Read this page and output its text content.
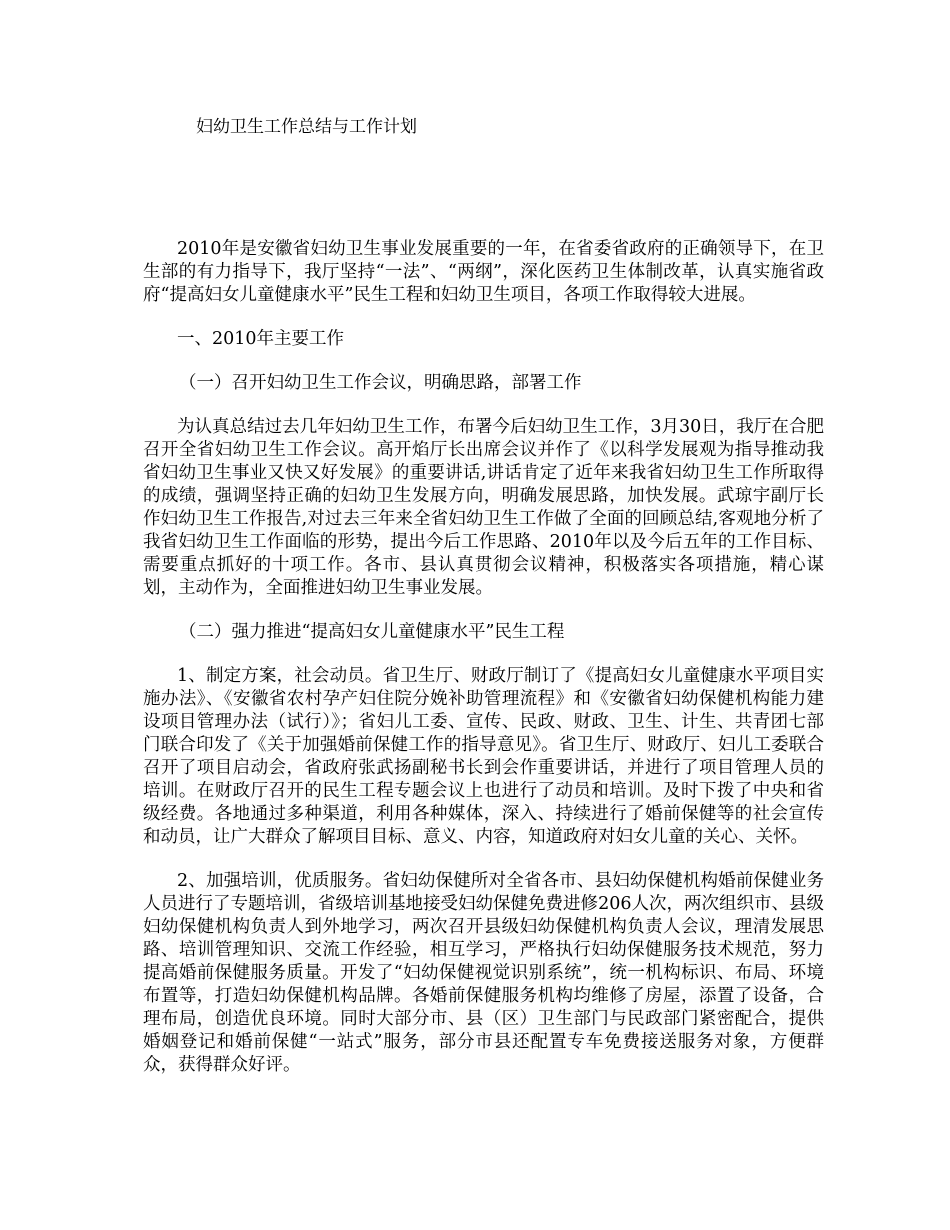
妇幼卫生工作总结与工作计划

2010年是安徽省妇幼卫生事业发展重要的一年，在省委省政府的正确领导下，在卫生部的有力指导下，我厅坚持“一法”、“两纲”，深化医药卫生体制改革，认真实施省政府“提高妇女儿童健康水平”民生工程和妇幼卫生项目，各项工作取得较大进展。

一、2010年主要工作

（一）召开妇幼卫生工作会议，明确思路，部署工作

为认真总结过去几年妇幼卫生工作，布署今后妇幼卫生工作，3月30日，我厅在合肥召开全省妇幼卫生工作会议。高开焰厅长出席会议并作了《以科学发展观为指导推动我省妇幼卫生事业又快又好发展》的重要讲话,讲话肯定了近年来我省妇幼卫生工作所取得的成绩，强调坚持正确的妇幼卫生发展方向，明确发展思路，加快发展。武琼宇副厅长作妇幼卫生工作报告,对过去三年来全省妇幼卫生工作做了全面的回顾总结,客观地分析了我省妇幼卫生工作面临的形势，提出今后工作思路、2010年以及今后五年的工作目标、需要重点抓好的十项工作。各市、县认真贯彻会议精神，积极落实各项措施，精心谋划，主动作为，全面推进妇幼卫生事业发展。

（二）强力推进“提高妇女儿童健康水平”民生工程

1、制定方案，社会动员。省卫生厅、财政厅制订了《提高妇女儿童健康水平项目实施办法》、《安徽省农村孕产妇住院分娩补助管理流程》和《安徽省妇幼保健机构能力建设项目管理办法（试行）》；省妇儿工委、宣传、民政、财政、卫生、计生、共青团七部门联合印发了《关于加强婚前保健工作的指导意见》。省卫生厅、财政厅、妇儿工委联合召开了项目启动会，省政府张武扬副秘书长到会作重要讲话，并进行了项目管理人员的培训。在财政厅召开的民生工程专题会议上也进行了动员和培训。及时下拨了中央和省级经费。各地通过多种渠道，利用各种媒体，深入、持续进行了婚前保健等的社会宣传和动员，让广大群众了解项目目标、意义、内容，知道政府对妇女儿童的关心、关怀。

2、加强培训，优质服务。省妇幼保健所对全省各市、县妇幼保健机构婚前保健业务人员进行了专题培训，省级培训基地接受妇幼保健免费进修206人次，两次组织市、县级妇幼保健机构负责人到外地学习，两次召开县级妇幼保健机构负责人会议，理清发展思路、培训管理知识、交流工作经验，相互学习，严格执行妇幼保健服务技术规范，努力提高婚前保健服务质量。开发了“妇幼保健视觉识别系统”，统一机构标识、布局、环境布置等，打造妇幼保健机构品牌。各婚前保健服务机构均维修了房屋，添置了设备，合理布局，创造优良环境。同时大部分市、县（区）卫生部门与民政部门紧密配合，提供婚姻登记和婚前保健“一站式”服务，部分市县还配置专车免费接送服务对象，方便群众，获得群众好评。
